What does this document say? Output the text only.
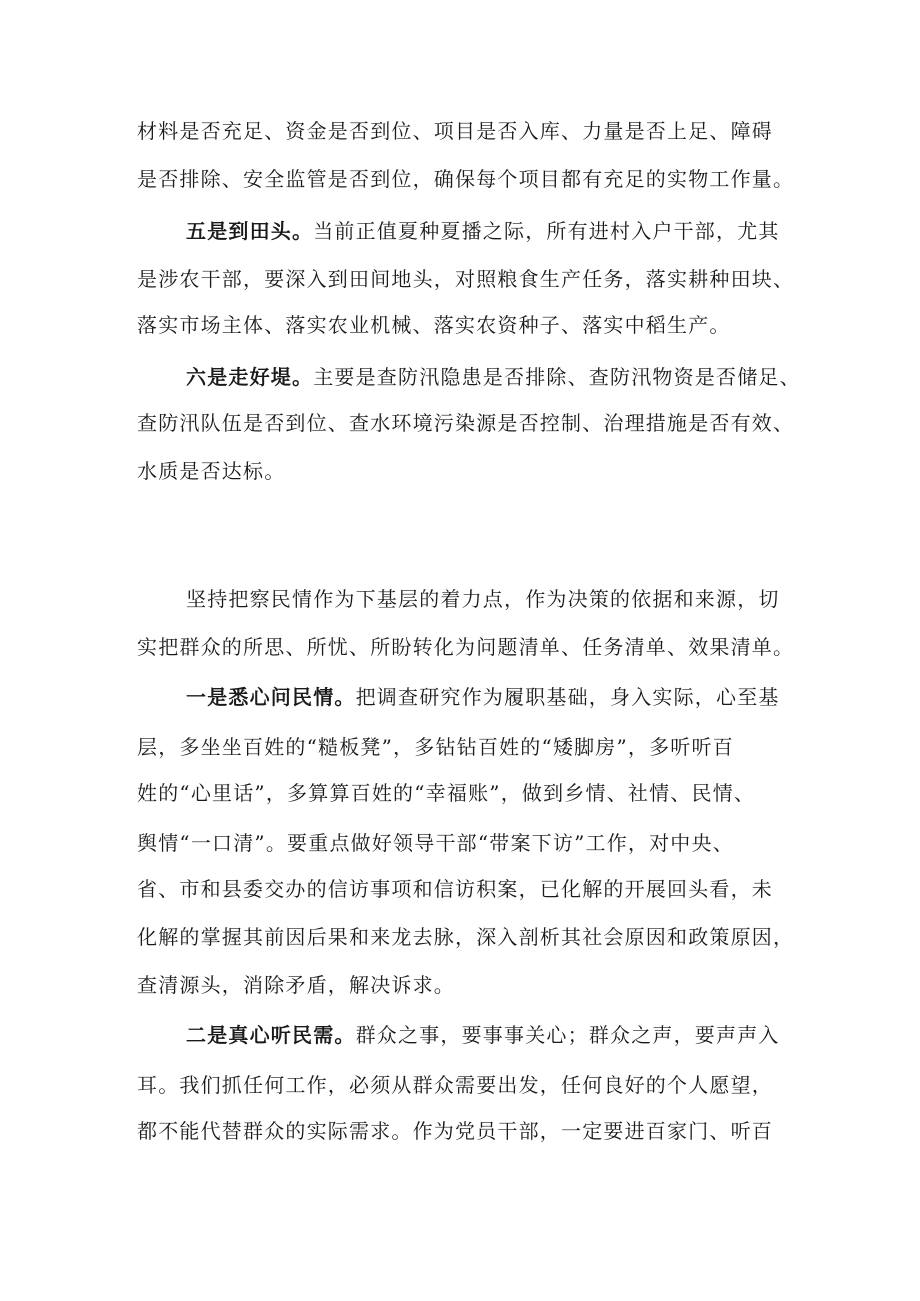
材料是否充足、资金是否到位、项目是否入库、力量是否上足、障碍
是否排除、安全监管是否到位，确保每个项目都有充足的实物工作量。
五是到田头。当前正值夏种夏播之际，所有进村入户干部，尤其
是涉农干部，要深入到田间地头，对照粮食生产任务，落实耕种田块、
落实市场主体、落实农业机械、落实农资种子、落实中稻生产。
六是走好堤。主要是查防汛隐患是否排除、查防汛物资是否储足、
查防汛队伍是否到位、查水环境污染源是否控制、治理措施是否有效、
水质是否达标。
坚持把察民情作为下基层的着力点，作为决策的依据和来源，切
实把群众的所思、所忧、所盼转化为问题清单、任务清单、效果清单。
一是悉心问民情。把调查研究作为履职基础，身入实际，心至基
层，多坐坐百姓的“糙板凳”，多钻钻百姓的“矮脚房”，多听听百
姓的“心里话”，多算算百姓的“幸福账”，做到乡情、社情、民情、
舆情“一口清”。要重点做好领导干部“带案下访”工作，对中央、
省、市和县委交办的信访事项和信访积案，已化解的开展回头看，未
化解的掌握其前因后果和来龙去脉，深入剖析其社会原因和政策原因，
查清源头，消除矛盾，解决诉求。
二是真心听民需。群众之事，要事事关心；群众之声，要声声入
耳。我们抓任何工作，必须从群众需要出发，任何良好的个人愿望，
都不能代替群众的实际需求。作为党员干部，一定要进百家门、听百
